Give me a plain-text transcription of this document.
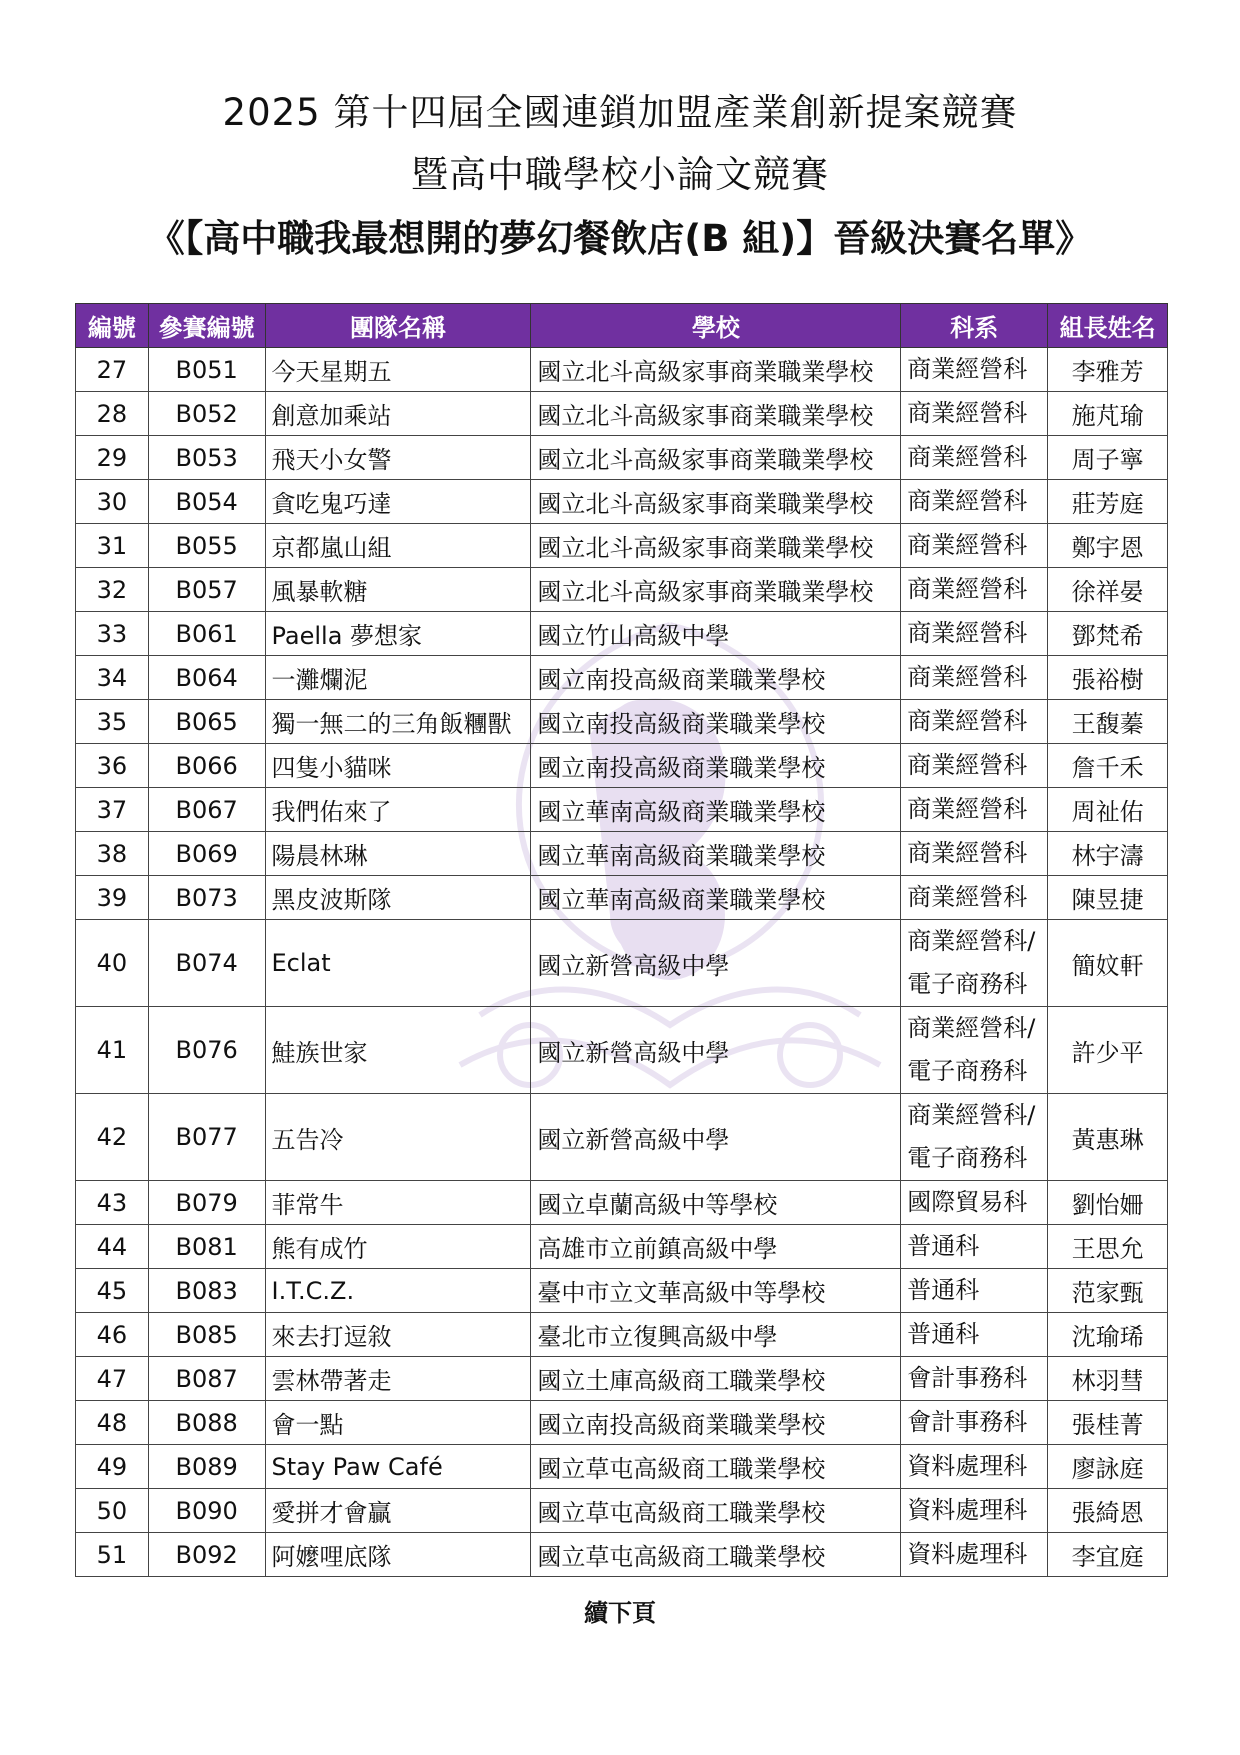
2025 第十四屆全國連鎖加盟產業創新提案競賽
暨高中職學校小論文競賽
《【高中職我最想開的夢幻餐飲店(B 組)】晉級決賽名單》
編號	參賽編號	團隊名稱	學校	科系	組長姓名
27	B051	今天星期五	國立北斗高級家事商業職業學校	商業經營科	李雅芳
28	B052	創意加乘站	國立北斗高級家事商業職業學校	商業經營科	施芃瑜
29	B053	飛天小女警	國立北斗高級家事商業職業學校	商業經營科	周子寧
30	B054	貪吃鬼巧達	國立北斗高級家事商業職業學校	商業經營科	莊芳庭
31	B055	京都嵐山組	國立北斗高級家事商業職業學校	商業經營科	鄭宇恩
32	B057	風暴軟糖	國立北斗高級家事商業職業學校	商業經營科	徐祥晏
33	B061	Paella 夢想家	國立竹山高級中學	商業經營科	鄧梵希
34	B064	一灘爛泥	國立南投高級商業職業學校	商業經營科	張裕樹
35	B065	獨一無二的三角飯糰獸	國立南投高級商業職業學校	商業經營科	王馥蓁
36	B066	四隻小貓咪	國立南投高級商業職業學校	商業經營科	詹千禾
37	B067	我們佑來了	國立華南高級商業職業學校	商業經營科	周祉佑
38	B069	陽晨林琳	國立華南高級商業職業學校	商業經營科	林宇濤
39	B073	黑皮波斯隊	國立華南高級商業職業學校	商業經營科	陳昱捷
40	B074	Eclat	國立新營高級中學	商業經營科/
電子商務科	簡妏軒
41	B076	鮭族世家	國立新營高級中學	商業經營科/
電子商務科	許少平
42	B077	五告冷	國立新營高級中學	商業經營科/
電子商務科	黃惠琳
43	B079	菲常牛	國立卓蘭高級中等學校	國際貿易科	劉怡姍
44	B081	熊有成竹	高雄市立前鎮高級中學	普通科	王思允
45	B083	I.T.C.Z.	臺中市立文華高級中等學校	普通科	范家甄
46	B085	來去打逗敘	臺北市立復興高級中學	普通科	沈瑜琋
47	B087	雲林帶著走	國立土庫高級商工職業學校	會計事務科	林羽彗
48	B088	會一點	國立南投高級商業職業學校	會計事務科	張桂菁
49	B089	Stay Paw Café	國立草屯高級商工職業學校	資料處理科	廖詠庭
50	B090	愛拼才會贏	國立草屯高級商工職業學校	資料處理科	張綺恩
51	B092	阿嬤哩底隊	國立草屯高級商工職業學校	資料處理科	李宜庭
續下頁
